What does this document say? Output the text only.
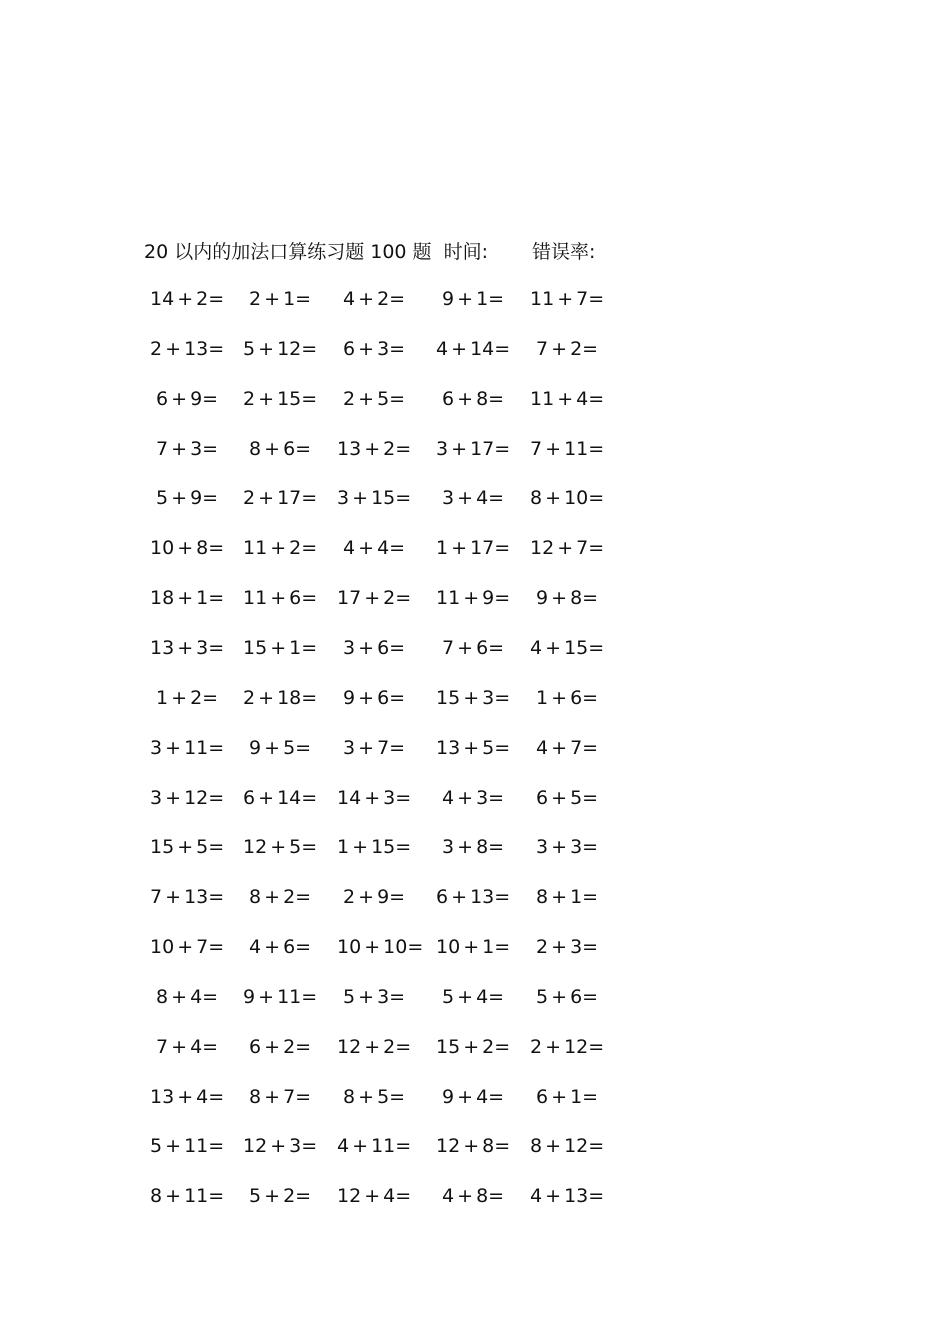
20 以内的加法口算练习题 100 题 时间: 错误率:
14 + 2= 2 + 1= 4 + 2= 9 + 1= 11 + 7=
2 + 13= 5 + 12= 6 + 3= 4 + 14= 7 + 2=
6 + 9= 2 + 15= 2 + 5= 6 + 8= 11 + 4=
7 + 3= 8 + 6= 13 + 2= 3 + 17= 7 + 11=
5 + 9= 2 + 17= 3 + 15= 3 + 4= 8 + 10=
10 + 8= 11 + 2= 4 + 4= 1 + 17= 12 + 7=
18 + 1= 11 + 6= 17 + 2= 11 + 9= 9 + 8=
13 + 3= 15 + 1= 3 + 6= 7 + 6= 4 + 15=
1 + 2= 2 + 18= 9 + 6= 15 + 3= 1 + 6=
3 + 11= 9 + 5= 3 + 7= 13 + 5= 4 + 7=
3 + 12= 6 + 14= 14 + 3= 4 + 3= 6 + 5=
15 + 5= 12 + 5= 1 + 15= 3 + 8= 3 + 3=
7 + 13= 8 + 2= 2 + 9= 6 + 13= 8 + 1=
10 + 7= 4 + 6= 10 + 10= 10 + 1= 2 + 3=
8 + 4= 9 + 11= 5 + 3= 5 + 4= 5 + 6=
7 + 4= 6 + 2= 12 + 2= 15 + 2= 2 + 12=
13 + 4= 8 + 7= 8 + 5= 9 + 4= 6 + 1=
5 + 11= 12 + 3= 4 + 11= 12 + 8= 8 + 12=
8 + 11= 5 + 2= 12 + 4= 4 + 8= 4 + 13=
